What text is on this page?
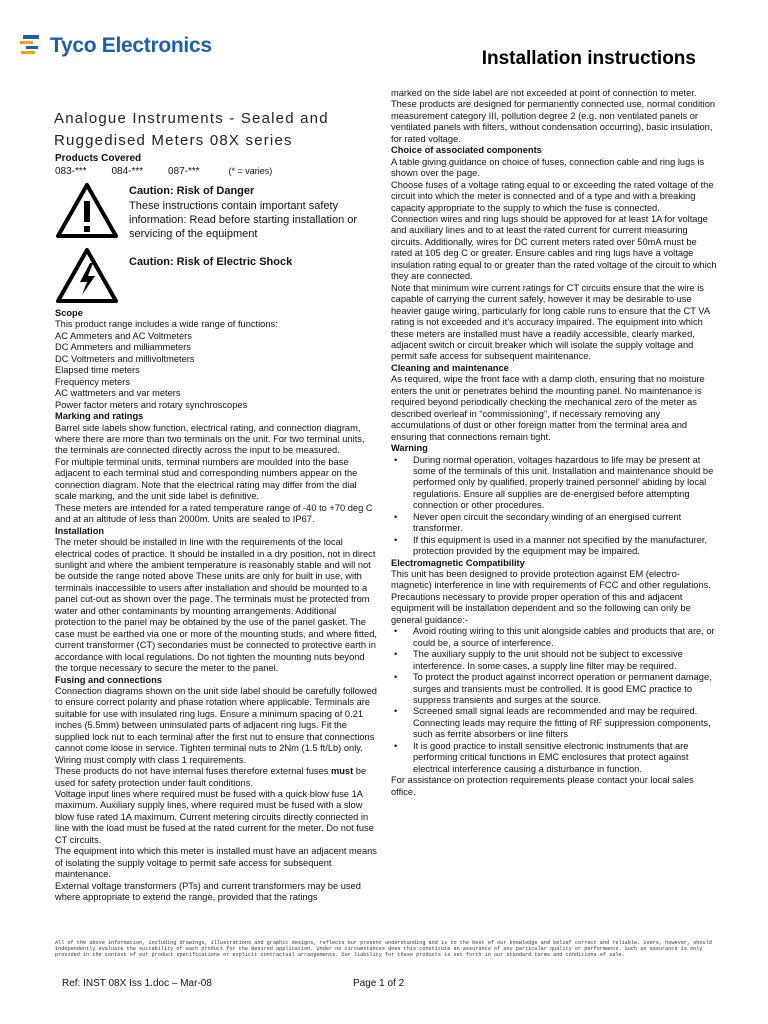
Tyco Electronics
Installation instructions
Analogue Instruments - Sealed and Ruggedised Meters 08X series
Products Covered
083-*** 084-*** 087-***	(* = varies)
Caution: Risk of Danger
These instructions contain important safety information: Read before starting installation or servicing of the equipment
Caution: Risk of Electric Shock
Scope

This product range includes a wide range of functions:

AC Ammeters and AC Voltmeters

DC Ammeters and milliammeters

DC Voltmeters and millivoltmeters

Elapsed time meters

Frequency meters

AC wattmeters and var meters

Power factor meters and rotary synchroscopes

Marking and ratings

Barrel side labels show function, electrical rating, and connection diagram, where there are more than two terminals on the unit. For two terminal units, the terminals are connected directly across the input to be measured.

For multiple terminal units, terminal numbers are moulded into the base adjacent to each terminal stud and corresponding numbers appear on the connection diagram. Note that the electrical rating may differ from the dial scale marking, and the unit side label is definitive.

These meters are intended for a rated temperature range of -40 to +70 deg C and at an altitude of less than 2000m. Units are sealed to IP67.

Installation

The meter should be installed in line with the requirements of the local electrical codes of practice. It should be installed in a dry position, not in direct sunlight and where the ambient temperature is reasonably stable and will not be outside the range noted above These units are only for built in use, with terminals inaccessible to users after installation and should be mounted to a panel cut-out as shown over the page. The terminals must be protected from water and other contaminants by mounting arrangements. Additional protection to the panel may be obtained by the use of the panel gasket. The case must be earthed via one or more of the mounting studs, and where fitted, current transformer (CT) secondaries must be connected to protective earth in accordance with local regulations. Do not tighten the mounting nuts beyond the torque necessary to secure the meter to the panel.

Fusing and connections

Connection diagrams shown on the unit side label should be carefully followed to ensure correct polarity and phase rotation where applicable. Terminals are suitable for use with insulated ring lugs. Ensure a minimum spacing of 0.21 inches (5.5mm) between uninsulated parts of adjacent ring lugs. Fit the supplied lock nut to each terminal after the first nut to ensure that connections cannot come loose in service. Tighten terminal nuts to 2Nm (1.5 ft/Lb) only. Wiring must comply with class 1 requirements.

These products do not have internal fuses therefore external fuses must be used for safety protection under fault conditions.

Voltage input lines where required must be fused with a quick blow fuse 1A maximum. Auxiliary supply lines, where required must be fused with a slow blow fuse rated 1A maximum. Current metering circuits directly connected in line with the load must be fused at the rated current for the meter. Do not fuse CT circuits.

The equipment into which this meter is installed must have an adjacent means of isolating the supply voltage to permit safe access for subsequent maintenance.

External voltage transformers (PTs) and current transformers may be used where appropriate to extend the range, provided that the ratings

marked on the side label are not exceeded at point of connection to meter. These products are designed for permanently connected use, normal condition measurement category III, pollution degree 2 (e.g. non ventilated panels or ventilated panels with filters, without condensation occurring), basic insulation, for rated voltage.

Choice of associated components

A table giving guidance on choice of fuses, connection cable and ring lugs is shown over the page.

Choose fuses of a voltage rating equal to or exceeding the rated voltage of the circuit into which the meter is connected and of a type and with a breaking capacity appropriate to the supply to which the fuse is connected.

Connection wires and ring lugs should be approved for at least 1A for voltage and auxiliary lines and to at least the rated current for current measuring circuits. Additionally, wires for DC current meters rated over 50mA must be rated at 105 deg C or greater. Ensure cables and ring lugs have a voltage insulation rating equal to or greater than the rated voltage of the circuit to which they are connected.

Note that minimum wire current ratings for CT circuits ensure that the wire is capable of carrying the current safely, however it may be desirable to use heavier gauge wiring, particularly for long cable runs to ensure that the CT VA rating is not exceeded and it’s accuracy impaired. The equipment into which these meters are installed must have a readily accessible, clearly marked, adjacent switch or circuit breaker which will isolate the supply voltage and permit safe access for subsequent maintenance.

Cleaning and maintenance

As required, wipe the front face with a damp cloth, ensuring that no moisture enters the unit or penetrates behind the mounting panel. No maintenance is required beyond periodically checking the mechanical zero of the meter as described overleaf in “commissioning”, if necessary removing any accumulations of dust or other foreign matter from the terminal area and ensuring that connections remain tight.

Warning
• During normal operation, voltages hazardous to life may be present at some of the terminals of this unit. Installation and maintenance should be performed only by qualified, properly trained personnel’ abiding by local regulations. Ensure all supplies are de-energised before attempting connection or other procedures.
• Never open circuit the secondary winding of an energised current transformer.
• If this equipment is used in a manner not specified by the manufacturer, protection provided by the equipment may be impaired.
Electromagnetic Compatibility

This unit has been designed to provide protection against EM (electro-magnetic) interference in line with requirements of FCC and other regulations. Precautions necessary to provide proper operation of this and adjacent equipment will be installation dependent and so the following can only be general guidance:-

• Avoid routing wiring to this unit alongside cables and products that are, or could be, a source of interference.
• The auxiliary supply to the unit should not be subject to excessive interference. In some cases, a supply line filter may be required.
• To protect the product against incorrect operation or permanent damage, surges and transients must be controlled. It is good EMC practice to suppress transients and surges at the source.
• Screened small signal leads are recommended and may be required. Connecting leads may require the fitting of RF suppression components, such as ferrite absorbers or line filters
• It is good practice to install sensitive electronic instruments that are performing critical functions in EMC enclosures that protect against electrical interference causing a disturbance in function.

For assistance on protection requirements please contact your local sales office.

All of the above information, including drawings, illustrations and graphic designs, reflects our present understanding and is to the best of our knowledge and belief correct and reliable. Users, however, should independently evaluate the suitability of each product for the desired application. Under no circumstances does this constitute an assurance of any particular quality or performance. Such an assurance is only provided in the context of our product specifications or explicit contractual arrangements. Our liability for these products is set forth in our standard terms and conditions of sale.
Ref: INST 08X Iss 1.doc – Mar-08	Page 1 of 2
